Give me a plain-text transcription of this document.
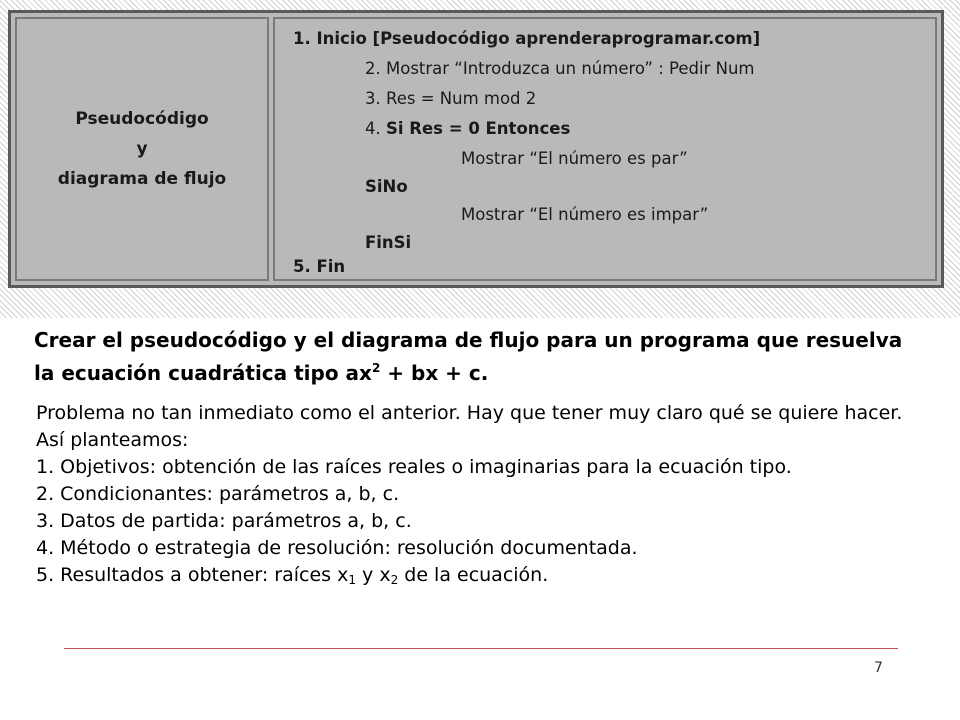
Pseudocódigo
y
diagrama de flujo
1. Inicio [Pseudocódigo aprenderaprogramar.com]
2. Mostrar “Introduzca un número” : Pedir Num
3. Res = Num mod 2
4. Si Res = 0 Entonces
Mostrar “El número es par”
SiNo
Mostrar “El número es impar”
FinSi
5. Fin
Crear el pseudocódigo y el diagrama de flujo para un programa que resuelva la ecuación cuadrática tipo $ax^2$ + bx + c.

Problema no tan inmediato como el anterior. Hay que tener muy claro qué se quiere hacer. Así planteamos:

1. Objetivos: obtención de las raíces reales o imaginarias para la ecuación tipo.

2. Condicionantes: parámetros a, b, c.

3. Datos de partida: parámetros a, b, c.

4. Método o estrategia de resolución: resolución documentada.

5. Resultados a obtener: raíces $x_1$ y $x_2$ de la ecuación.

7
